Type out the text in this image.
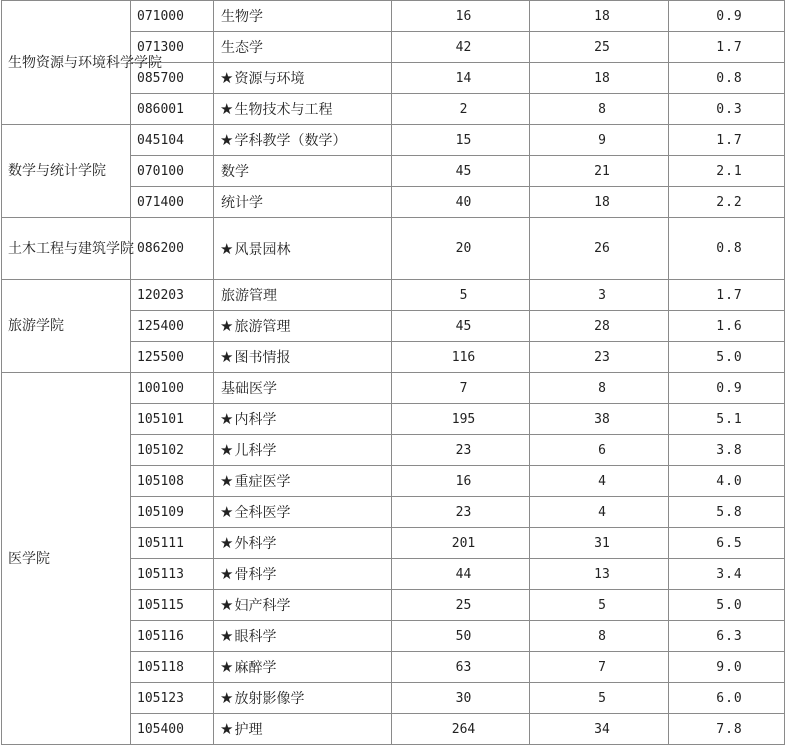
生物资源与环境科学学院	071000	生物学	16	18	0.9
	071300	生态学	42	25	1.7
	085700	★资源与环境	14	18	0.8
	086001	★生物技术与工程	2	8	0.3
数学与统计学院	045104	★学科教学（数学）	15	9	1.7
	070100	数学	45	21	2.1
	071400	统计学	40	18	2.2
土木工程与建筑学院	086200	★风景园林	20	26	0.8
旅游学院	120203	旅游管理	5	3	1.7
	125400	★旅游管理	45	28	1.6
	125500	★图书情报	116	23	5.0
医学院	100100	基础医学	7	8	0.9
	105101	★内科学	195	38	5.1
	105102	★儿科学	23	6	3.8
	105108	★重症医学	16	4	4.0
	105109	★全科医学	23	4	5.8
	105111	★外科学	201	31	6.5
	105113	★骨科学	44	13	3.4
	105115	★妇产科学	25	5	5.0
	105116	★眼科学	50	8	6.3
	105118	★麻醉学	63	7	9.0
	105123	★放射影像学	30	5	6.0
	105400	★护理	264	34	7.8
